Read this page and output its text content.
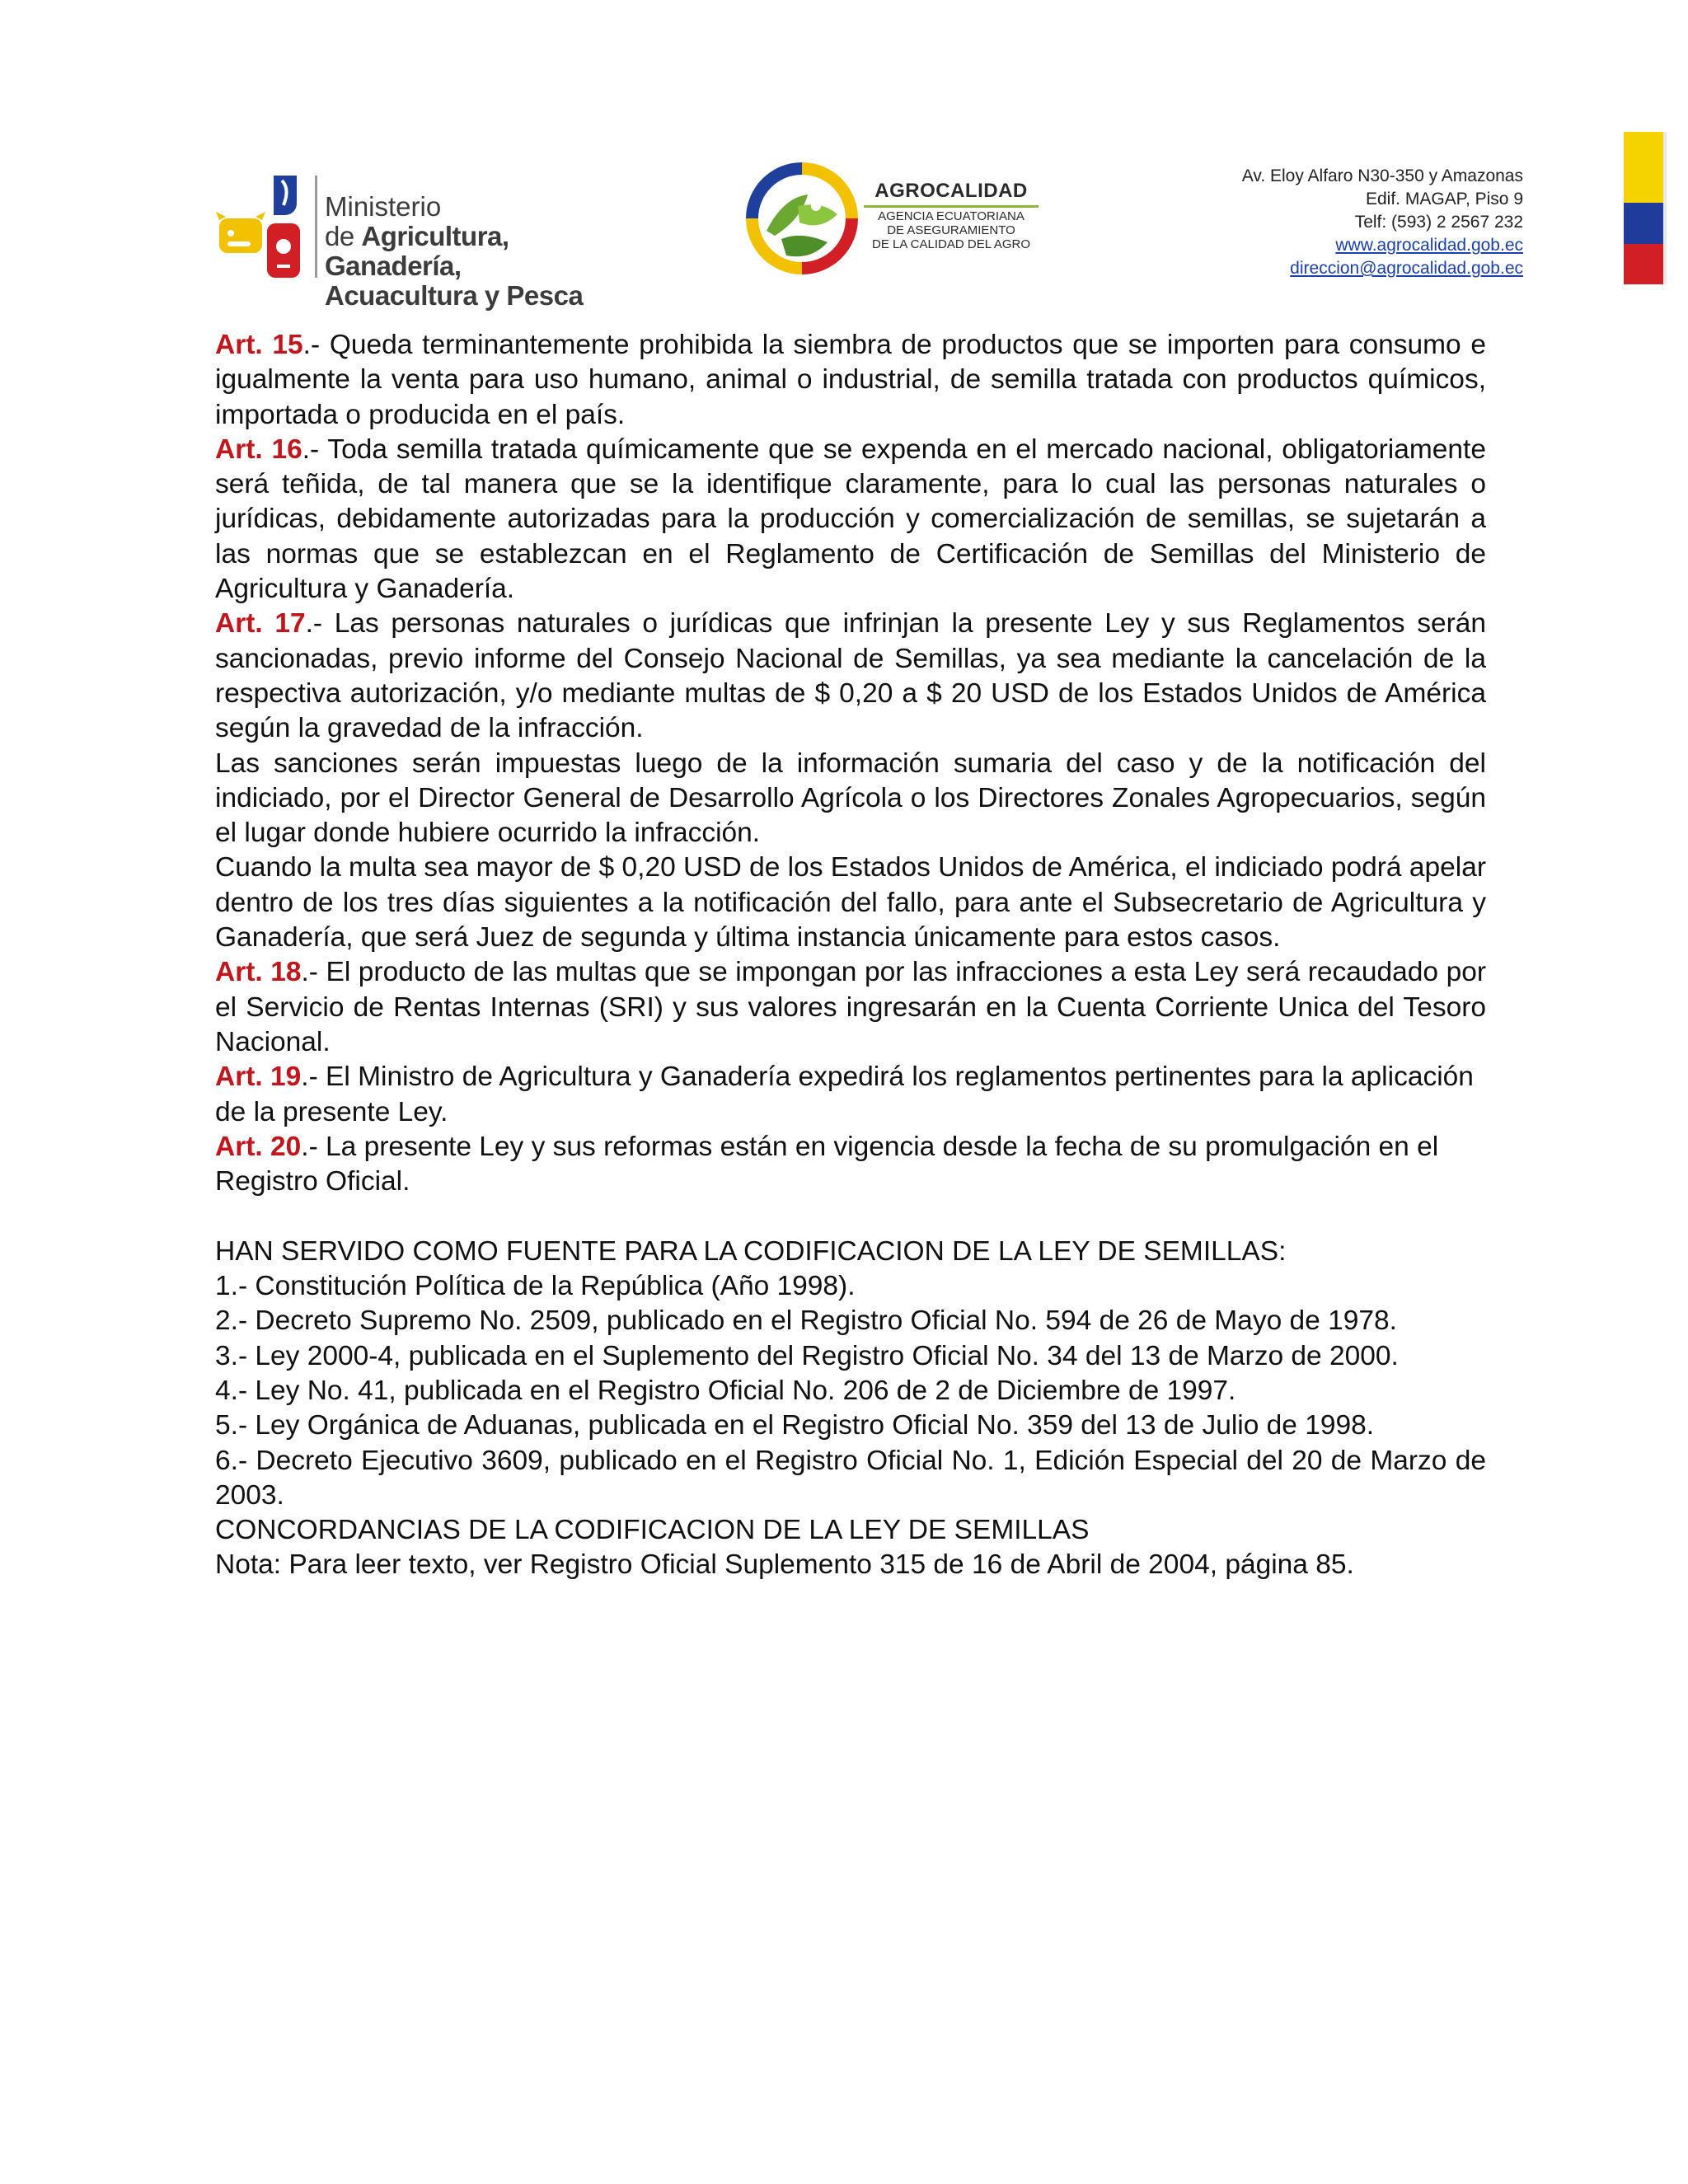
Ministerio
de Agricultura, Ganadería,
Acuacultura y Pesca
AGROCALIDAD
AGENCIA ECUATORIANA
DE ASEGURAMIENTO
DE LA CALIDAD DEL AGRO
Av. Eloy Alfaro N30-350 y Amazonas
Edif. MAGAP, Piso 9
Telf: (593) 2 2567 232
www.agrocalidad.gob.ec
direccion@agrocalidad.gob.ec

Art. 15.- Queda terminantemente prohibida la siembra de productos que se importen para consumo e igualmente la venta para uso humano, animal o industrial, de semilla tratada con productos químicos, importada o producida en el país.

Art. 16.- Toda semilla tratada químicamente que se expenda en el mercado nacional, obligatoriamente será teñida, de tal manera que se la identifique claramente, para lo cual las personas naturales o jurídicas, debidamente autorizadas para la producción y comercialización de semillas, se sujetarán a las normas que se establezcan en el Reglamento de Certificación de Semillas del Ministerio de Agricultura y Ganadería.

Art. 17.- Las personas naturales o jurídicas que infrinjan la presente Ley y sus Reglamentos serán sancionadas, previo informe del Consejo Nacional de Semillas, ya sea mediante la cancelación de la respectiva autorización, y/o mediante multas de $ 0,20 a $ 20 USD de los Estados Unidos de América según la gravedad de la infracción.

Las sanciones serán impuestas luego de la información sumaria del caso y de la notificación del indiciado, por el Director General de Desarrollo Agrícola o los Directores Zonales Agropecuarios, según el lugar donde hubiere ocurrido la infracción.

Cuando la multa sea mayor de $ 0,20 USD de los Estados Unidos de América, el indiciado podrá apelar dentro de los tres días siguientes a la notificación del fallo, para ante el Subsecretario de Agricultura y Ganadería, que será Juez de segunda y última instancia únicamente para estos casos.

Art. 18.- El producto de las multas que se impongan por las infracciones a esta Ley será recaudado por el Servicio de Rentas Internas (SRI) y sus valores ingresarán en la Cuenta Corriente Unica del Tesoro Nacional.

Art. 19.- El Ministro de Agricultura y Ganadería expedirá los reglamentos pertinentes para la aplicación de la presente Ley.

Art. 20.- La presente Ley y sus reformas están en vigencia desde la fecha de su promulgación en el Registro Oficial.

HAN SERVIDO COMO FUENTE PARA LA CODIFICACION DE LA LEY DE SEMILLAS:

1.- Constitución Política de la República (Año 1998).

2.- Decreto Supremo No. 2509, publicado en el Registro Oficial No. 594 de 26 de Mayo de 1978.

3.- Ley 2000-4, publicada en el Suplemento del Registro Oficial No. 34 del 13 de Marzo de 2000.

4.- Ley No. 41, publicada en el Registro Oficial No. 206 de 2 de Diciembre de 1997.

5.- Ley Orgánica de Aduanas, publicada en el Registro Oficial No. 359 del 13 de Julio de 1998.

6.- Decreto Ejecutivo 3609, publicado en el Registro Oficial No. 1, Edición Especial del 20 de Marzo de 2003.

CONCORDANCIAS DE LA CODIFICACION DE LA LEY DE SEMILLAS

Nota: Para leer texto, ver Registro Oficial Suplemento 315 de 16 de Abril de 2004, página 85.
